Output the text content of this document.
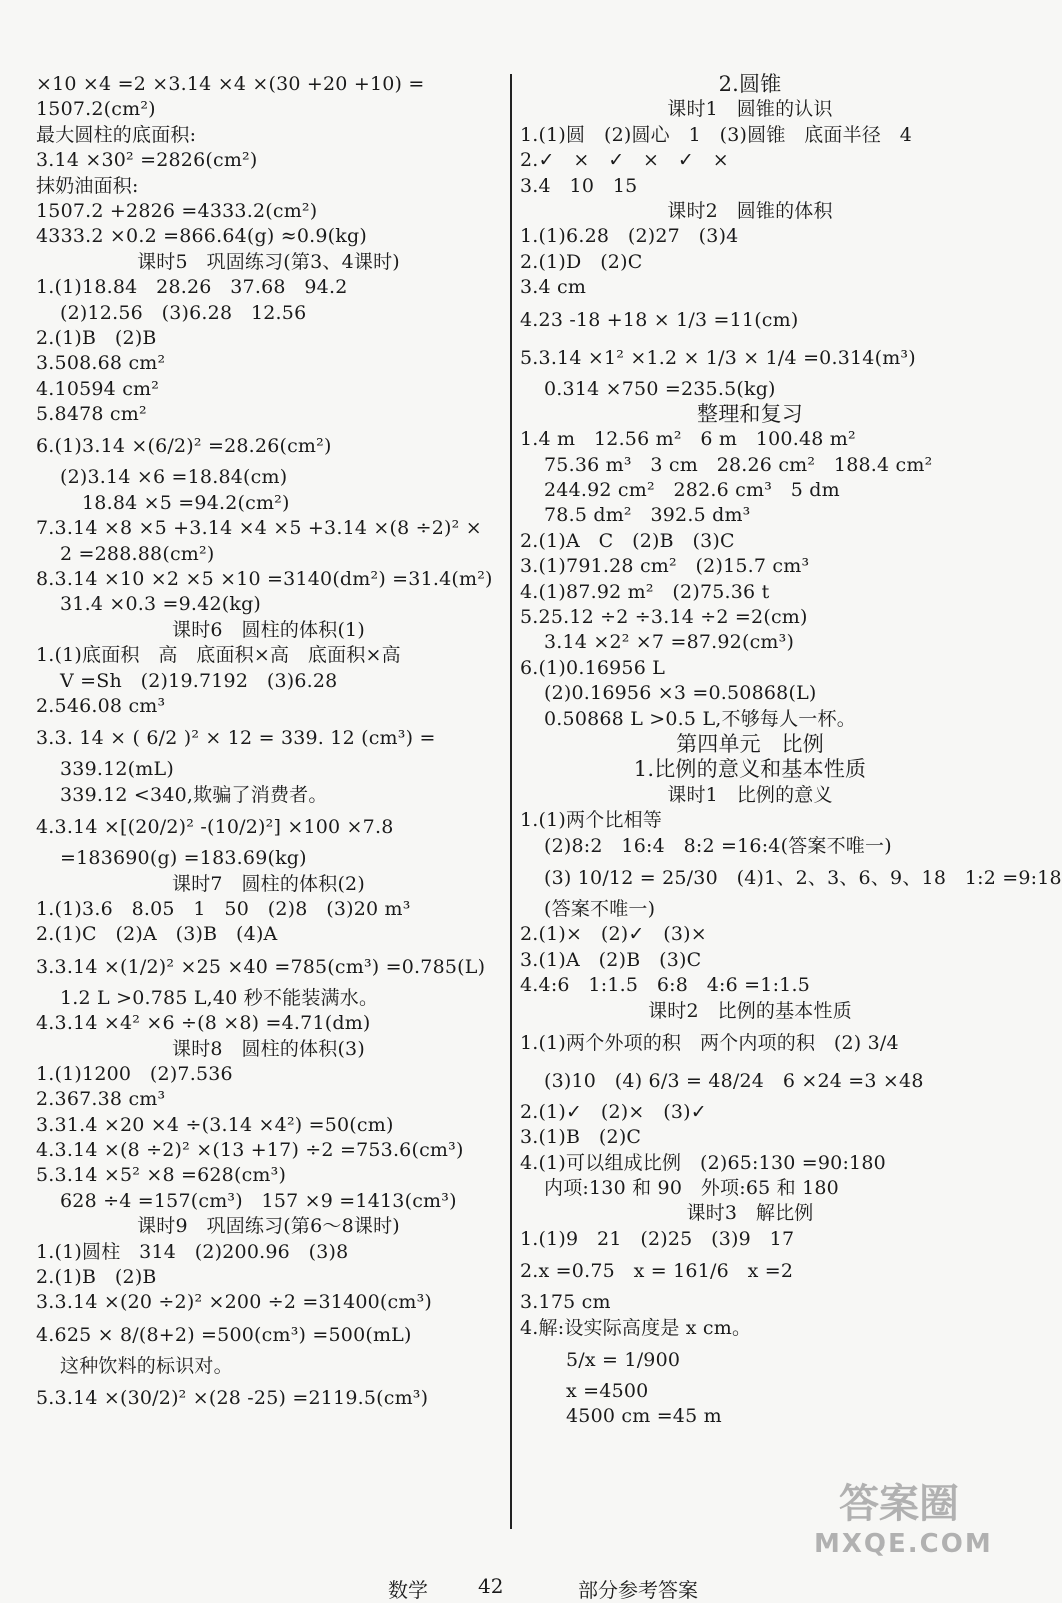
×10 ×4 =2 ×3.14 ×4 ×(30 +20 +10) =
1507.2(cm²)
最大圆柱的底面积:
3.14 ×30² =2826(cm²)
抹奶油面积:
1507.2 +2826 =4333.2(cm²)
4333.2 ×0.2 =866.64(g) ≈0.9(kg)
课时5   巩固练习(第3、4课时)
1.(1)18.84   28.26   37.68   94.2
(2)12.56   (3)6.28   12.56
2.(1)B   (2)B
3.508.68 cm²
4.10594 cm²
5.8478 cm²
6.(1)3.14 ×(6/2)² =28.26(cm²)
(2)3.14 ×6 =18.84(cm)
18.84 ×5 =94.2(cm²)
7.3.14 ×8 ×5 +3.14 ×4 ×5 +3.14 ×(8 ÷2)² ×
2 =288.88(cm²)
8.3.14 ×10 ×2 ×5 ×10 =3140(dm²) =31.4(m²)
31.4 ×0.3 =9.42(kg)
课时6   圆柱的体积(1)
1.(1)底面积   高   底面积×高   底面积×高
V =Sh   (2)19.7192   (3)6.28
2.546.08 cm³
3.3. 14 × ( 6/2 )² × 12 = 339. 12 (cm³) =
339.12(mL)
339.12 <340,欺骗了消费者。
4.3.14 ×[(20/2)² -(10/2)²] ×100 ×7.8
=183690(g) =183.69(kg)
课时7   圆柱的体积(2)
1.(1)3.6   8.05   1   50   (2)8   (3)20 m³
2.(1)C   (2)A   (3)B   (4)A
3.3.14 ×(1/2)² ×25 ×40 =785(cm³) =0.785(L)
1.2 L >0.785 L,40 秒不能装满水。
4.3.14 ×4² ×6 ÷(8 ×8) =4.71(dm)
课时8   圆柱的体积(3)
1.(1)1200   (2)7.536
2.367.38 cm³
3.31.4 ×20 ×4 ÷(3.14 ×4²) =50(cm)
4.3.14 ×(8 ÷2)² ×(13 +17) ÷2 =753.6(cm³)
5.3.14 ×5² ×8 =628(cm³)
628 ÷4 =157(cm³)   157 ×9 =1413(cm³)
课时9   巩固练习(第6～8课时)
1.(1)圆柱   314   (2)200.96   (3)8
2.(1)B   (2)B
3.3.14 ×(20 ÷2)² ×200 ÷2 =31400(cm³)
4.625 × 8/(8+2) =500(cm³) =500(mL)
这种饮料的标识对。
5.3.14 ×(30/2)² ×(28 -25) =2119.5(cm³)
2.圆锥
课时1   圆锥的认识
1.(1)圆   (2)圆心   1   (3)圆锥   底面半径   4
2.✓   ×   ✓   ×   ✓   ×
3.4   10   15
课时2   圆锥的体积
1.(1)6.28   (2)27   (3)4
2.(1)D   (2)C
3.4 cm
4.23 -18 +18 × 1/3 =11(cm)
5.3.14 ×1² ×1.2 × 1/3 × 1/4 =0.314(m³)
0.314 ×750 =235.5(kg)
整理和复习
1.4 m   12.56 m²   6 m   100.48 m²
75.36 m³   3 cm   28.26 cm²   188.4 cm²
244.92 cm²   282.6 cm³   5 dm
78.5 dm²   392.5 dm³
2.(1)A   C   (2)B   (3)C
3.(1)791.28 cm²   (2)15.7 cm³
4.(1)87.92 m²   (2)75.36 t
5.25.12 ÷2 ÷3.14 ÷2 =2(cm)
3.14 ×2² ×7 =87.92(cm³)
6.(1)0.16956 L
(2)0.16956 ×3 =0.50868(L)
0.50868 L >0.5 L,不够每人一杯。
第四单元   比例
1.比例的意义和基本性质
课时1   比例的意义
1.(1)两个比相等
(2)8:2   16:4   8:2 =16:4(答案不唯一)
(3) 10/12 = 25/30   (4)1、2、3、6、9、18   1:2 =9:18
(答案不唯一)
2.(1)×   (2)✓   (3)×
3.(1)A   (2)B   (3)C
4.4:6   1:1.5   6:8   4:6 =1:1.5
课时2   比例的基本性质
1.(1)两个外项的积   两个内项的积   (2) 3/4
(3)10   (4) 6/3 = 48/24   6 ×24 =3 ×48
2.(1)✓   (2)×   (3)✓
3.(1)B   (2)C
4.(1)可以组成比例   (2)65:130 =90:180
内项:130 和 90   外项:65 和 180
课时3   解比例
1.(1)9   21   (2)25   (3)9   17
2.x =0.75   x = 161/6   x =2
3.175 cm
4.解:设实际高度是 x cm。
5/x = 1/900
x =4500
4500 cm =45 m
数学	42	部分参考答案
答案圈
MXQE.COM
